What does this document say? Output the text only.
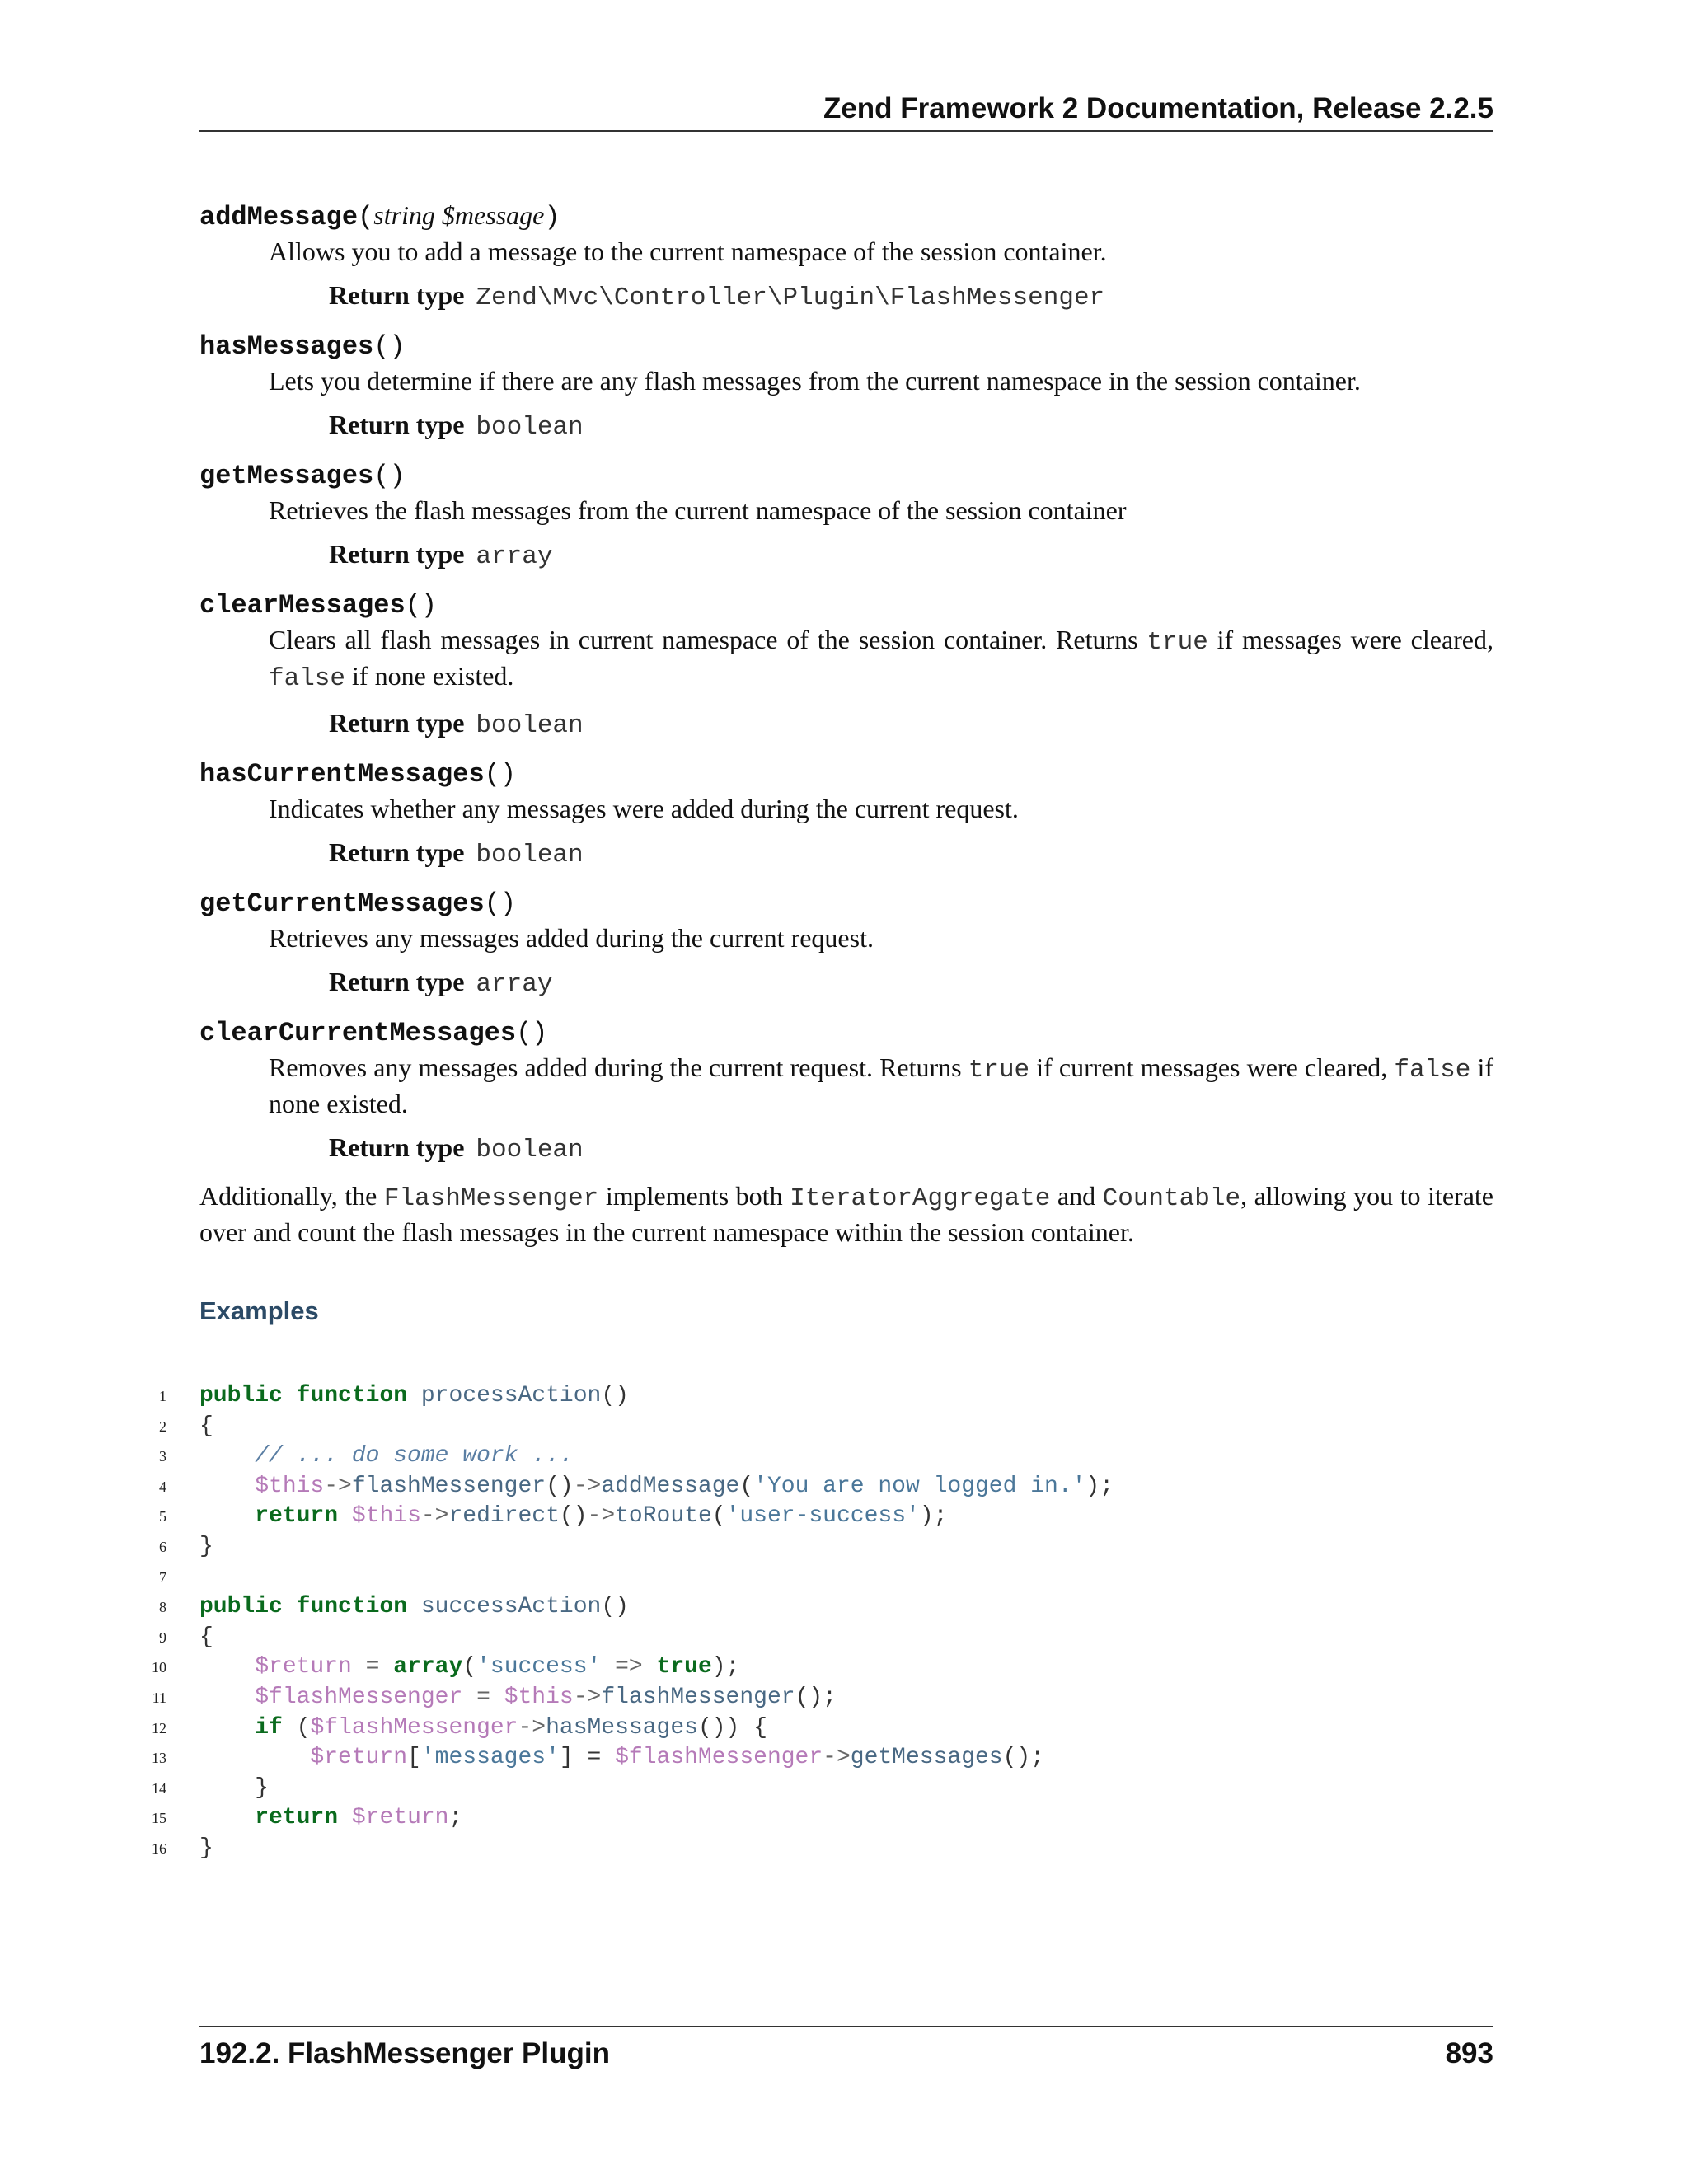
Zend Framework 2 Documentation, Release 2.2.5
addMessage(string $message)
Allows you to add a message to the current namespace of the session container.
Return type Zend\Mvc\Controller\Plugin\FlashMessenger
hasMessages()
Lets you determine if there are any flash messages from the current namespace in the session container.
Return type boolean
getMessages()
Retrieves the flash messages from the current namespace of the session container
Return type array
clearMessages()
Clears all flash messages in current namespace of the session container. Returns true if messages were cleared, false if none existed.
Return type boolean
hasCurrentMessages()
Indicates whether any messages were added during the current request.
Return type boolean
getCurrentMessages()
Retrieves any messages added during the current request.
Return type array
clearCurrentMessages()
Removes any messages added during the current request. Returns true if current messages were cleared, false if none existed.
Return type boolean
Additionally, the FlashMessenger implements both IteratorAggregate and Countable, allowing you to iterate over and count the flash messages in the current namespace within the session container.
Examples
1 public function processAction()
2 {
3	// ... do some work ...
4	$this->flashMessenger()->addMessage('You are now logged in.');
5	return $this->redirect()->toRoute('user-success');
6 }
7
8 public function successAction()
9 {
10	$return = array('success' => true);
11	$flashMessenger = $this->flashMessenger();
12	if ($flashMessenger->hasMessages()) {
13	$return['messages'] = $flashMessenger->getMessages();
14	}
15	return $return;
16 }
192.2. FlashMessenger Plugin	893
